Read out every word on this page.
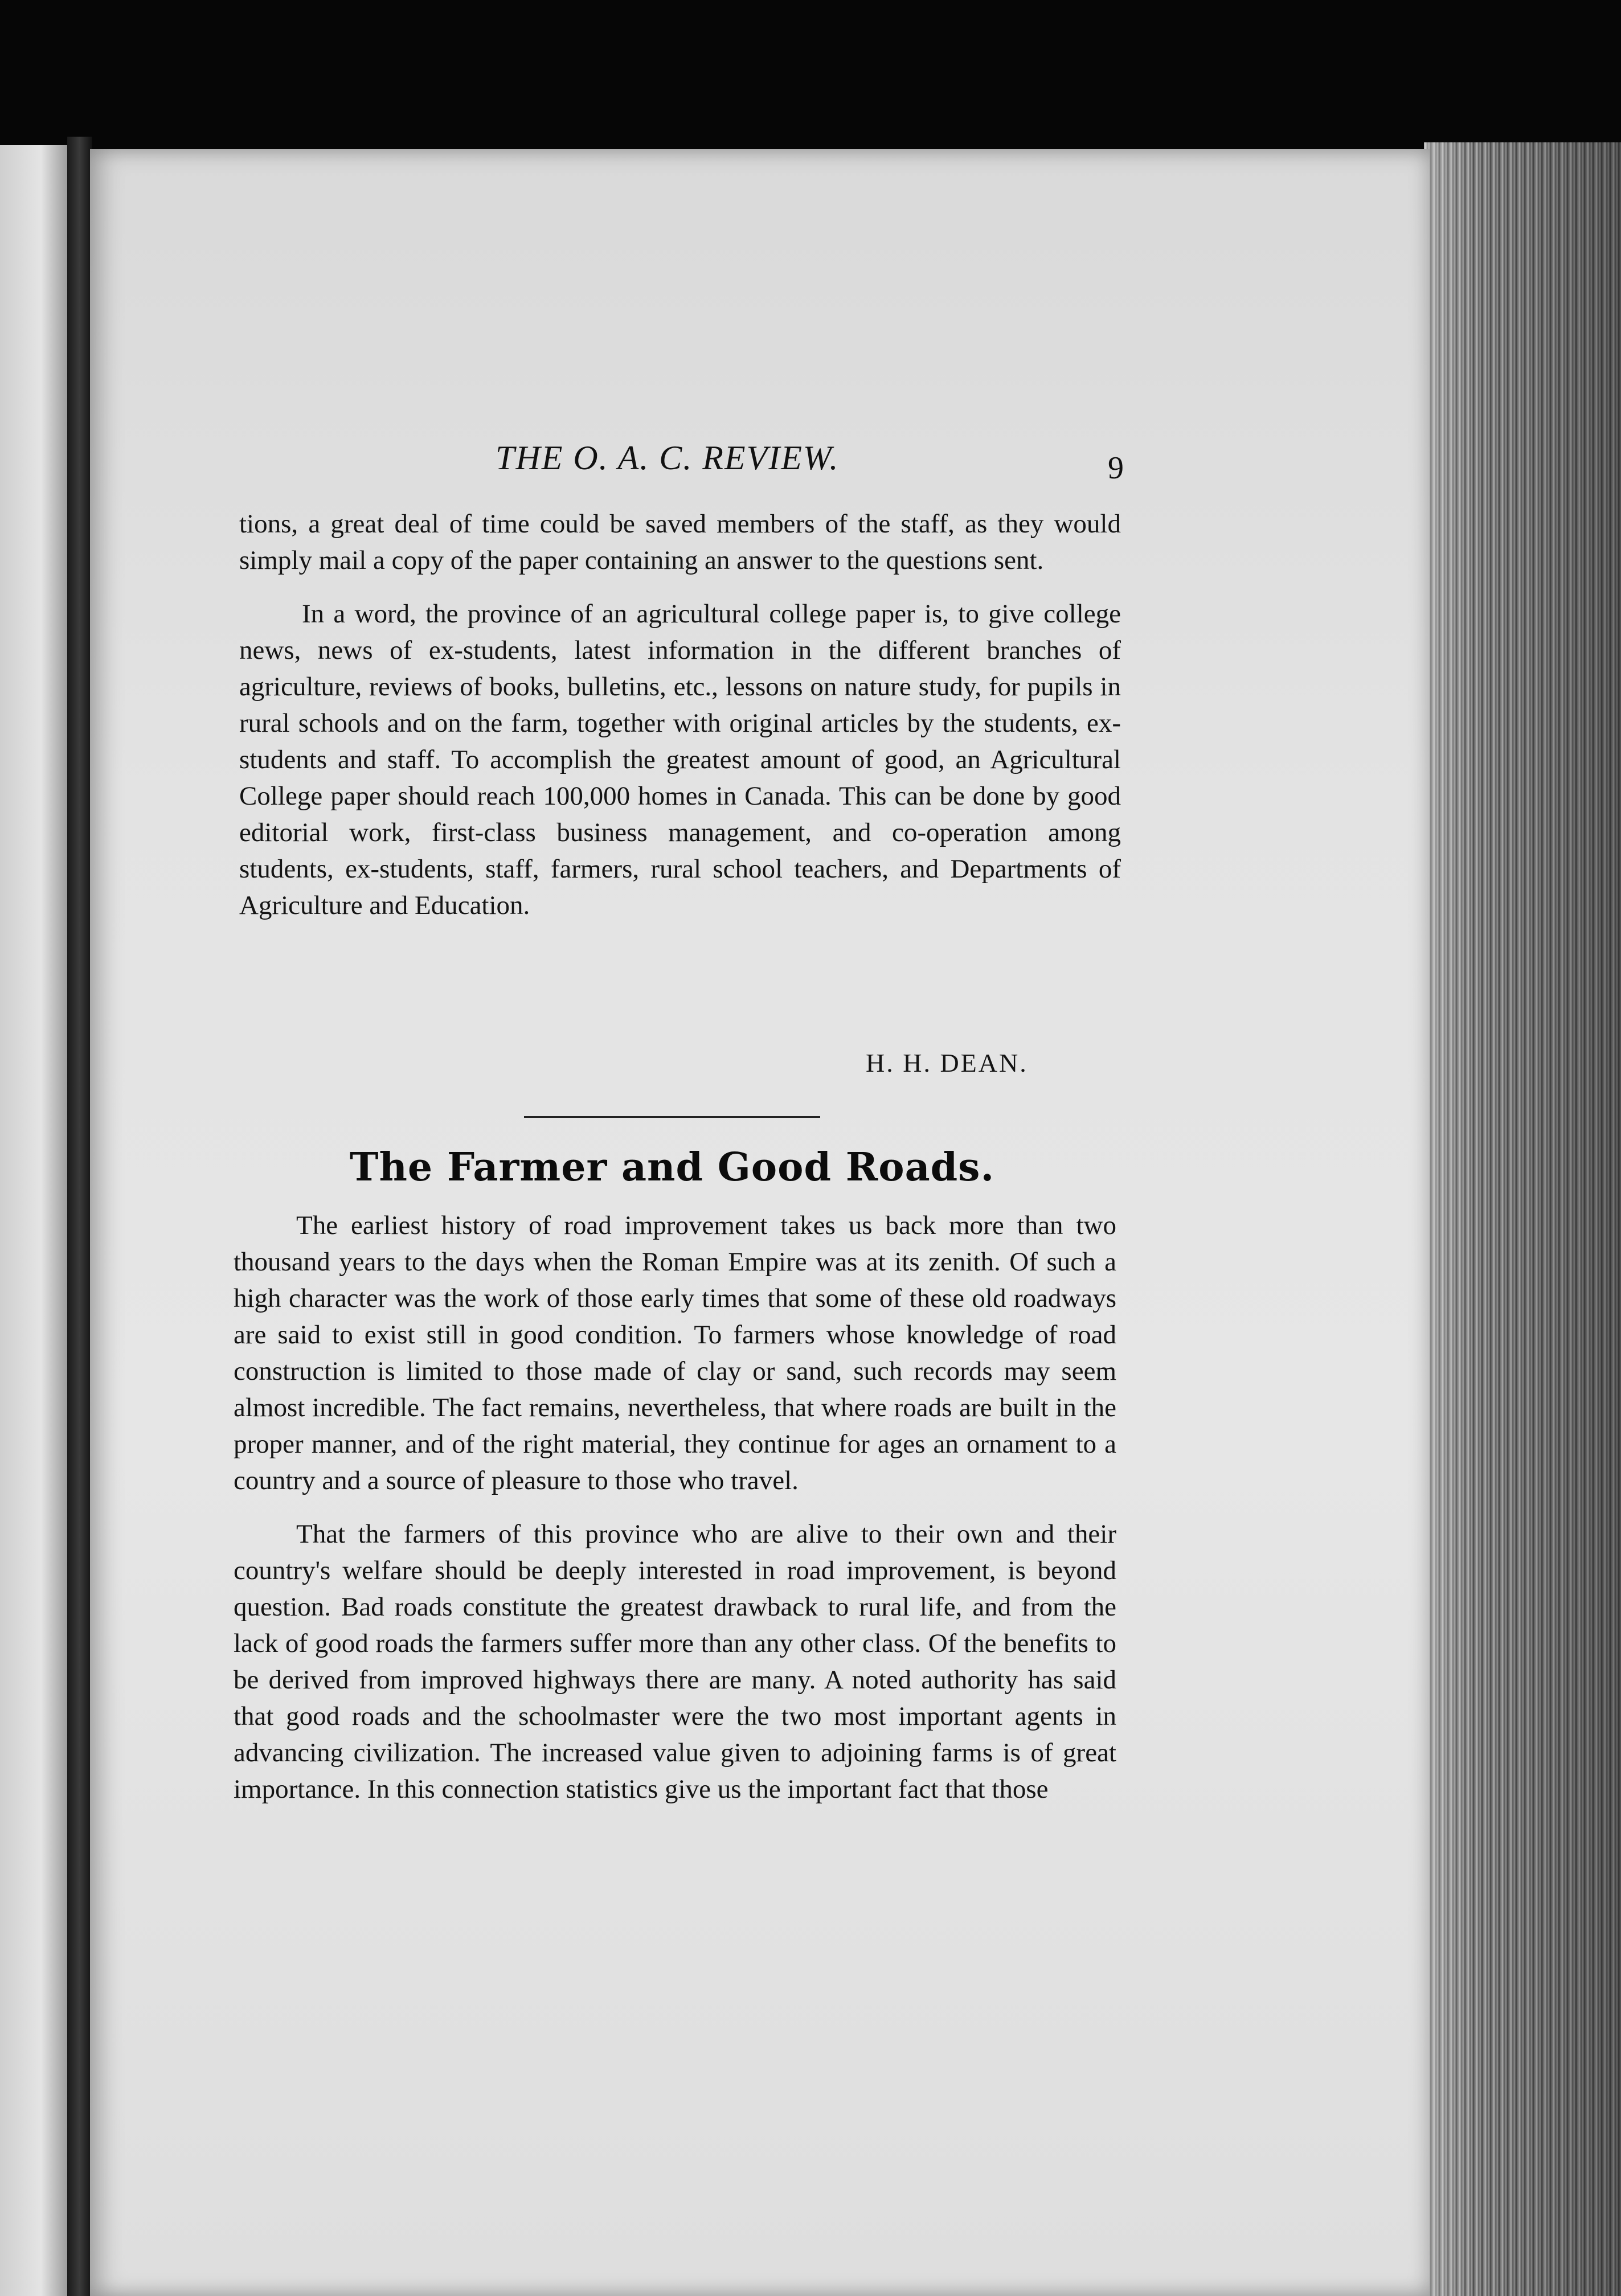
THE O. A. C. REVIEW.	9

tions, a great deal of time could be saved members of the staff, as they would simply mail a copy of the paper containing an answer to the questions sent.

In a word, the province of an agricultural college paper is, to give college news, news of ex-students, latest information in the different branches of agriculture, reviews of books, bulletins, etc., lessons on nature study, for pupils in rural schools and on the farm, together with original articles by the students, ex-students and staff. To accomplish the greatest amount of good, an Agricultural College paper should reach 100,000 homes in Canada. This can be done by good editorial work, first-class business management, and co-operation among students, ex-students, staff, farmers, rural school teachers, and Departments of Agriculture and Education.

H. H. DEAN.
The Farmer and Good Roads.

The earliest history of road improvement takes us back more than two thousand years to the days when the Roman Empire was at its zenith. Of such a high character was the work of those early times that some of these old roadways are said to exist still in good condition. To farmers whose knowledge of road construction is limited to those made of clay or sand, such records may seem almost incredible. The fact remains, nevertheless, that where roads are built in the proper manner, and of the right material, they continue for ages an ornament to a country and a source of pleasure to those who travel.

That the farmers of this province who are alive to their own and their country's welfare should be deeply interested in road improvement, is beyond question. Bad roads constitute the greatest drawback to rural life, and from the lack of good roads the farmers suffer more than any other class. Of the benefits to be derived from improved highways there are many. A noted authority has said that good roads and the schoolmaster were the two most important agents in advancing civilization. The increased value given to adjoining farms is of great importance. In this connection statistics give us the important fact that those
